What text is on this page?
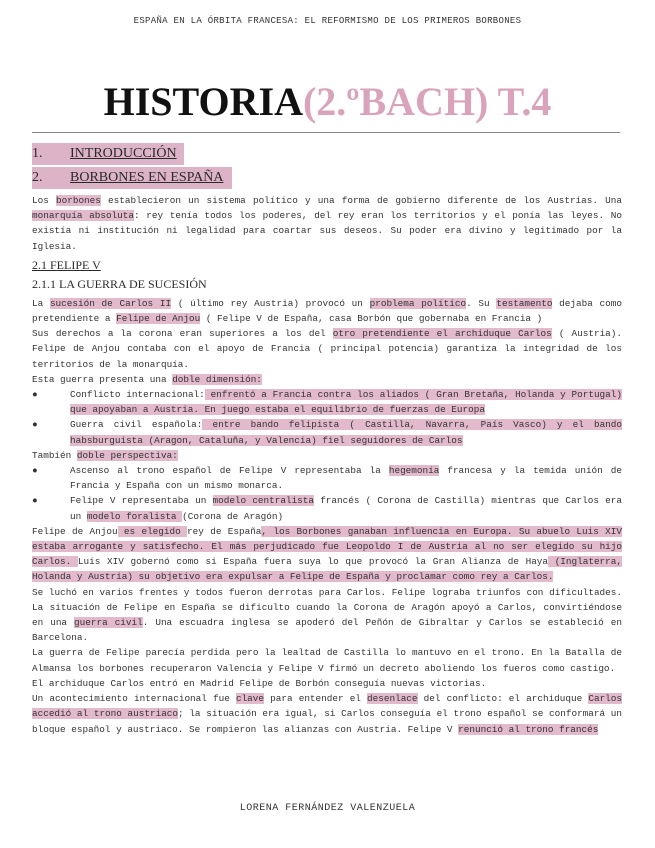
ESPAÑA EN LA ÓRBITA FRANCESA: EL REFORMISMO DE LOS PRIMEROS BORBONES
HISTORIA(2.ºBACH) T.4
1.	INTRODUCCIÓN
2.	BORBONES EN ESPAÑA

Los borbones establecieron un sistema político y una forma de gobierno diferente de los Austrias. Una monarquía absoluta: rey tenía todos los poderes, del rey eran los territorios y el ponía las leyes. No existía ni institución ni legalidad para coartar sus deseos. Su poder era divino y legitimado por la Iglesia.

2.1 FELIPE V
2.1.1 LA GUERRA DE SUCESIÓN

La sucesión de Carlos II ( último rey Austria) provocó un problema político. Su testamento dejaba como pretendiente a Felipe de Anjou ( Felipe V de España, casa Borbón que gobernaba en Francia )

Sus derechos a la corona eran superiores a los del otro pretendiente el archiduque Carlos ( Austria). Felipe de Anjou contaba con el apoyo de Francia ( principal potencia) garantiza la integridad de los territorios de la monarquía.

Esta guerra presenta una doble dimensión:

●	Conflicto internacional: enfrentó a Francia contra los aliados ( Gran Bretaña, Holanda y Portugal) que apoyaban a Austria. En juego estaba el equilibrio de fuerzas de Europa
●	Guerra civil española: entre bando felipista ( Castilla, Navarra, País Vasco) y el bando habsburguista (Aragon, Cataluña, y Valencia) fiel seguidores de Carlos

También doble perspectiva:

●	Ascenso al trono español de Felipe V representaba la hegemonía francesa y la temida unión de Francia y España con un mismo monarca.
●	Felipe V representaba un modelo centralista francés ( Corona de Castilla) mientras que Carlos era un modelo foralista (Corona de Aragón)

Felipe de Anjou es elegido rey de España, los Borbones ganaban influencia en Europa. Su abuelo Luis XIV estaba arrogante y satisfecho. El más perjudicado fue Leopoldo I de Austria al no ser elegido su hijo Carlos. Luis XIV gobernó como si España fuera suya lo que provocó la Gran Alianza de Haya (Inglaterra, Holanda y Austria) su objetivo era expulsar a Felipe de España y proclamar como rey a Carlos.

Se luchó en varios frentes y todos fueron derrotas para Carlos. Felipe lograba triunfos con dificultades. La situación de Felipe en España se dificulto cuando la Corona de Aragón apoyó a Carlos, convirtiéndose en una guerra civil. Una escuadra inglesa se apoderó del Peñón de Gibraltar y Carlos se estableció en Barcelona.

La guerra de Felipe parecía perdida pero la lealtad de Castilla lo mantuvo en el trono. En la Batalla de Almansa los borbones recuperaron Valencia y Felipe V firmó un decreto aboliendo los fueros como castigo.

El archiduque Carlos entró en Madrid Felipe de Borbón conseguía nuevas victorias.

Un acontecimiento internacional fue clave para entender el desenlace del conflicto: el archiduque Carlos accedió al trono austriaco; la situación era igual, si Carlos conseguía el trono español se conformará un bloque español y austriaco. Se rompieron las alianzas con Austria. Felipe V renunció al trono francés

LORENA FERNÁNDEZ VALENZUELA
